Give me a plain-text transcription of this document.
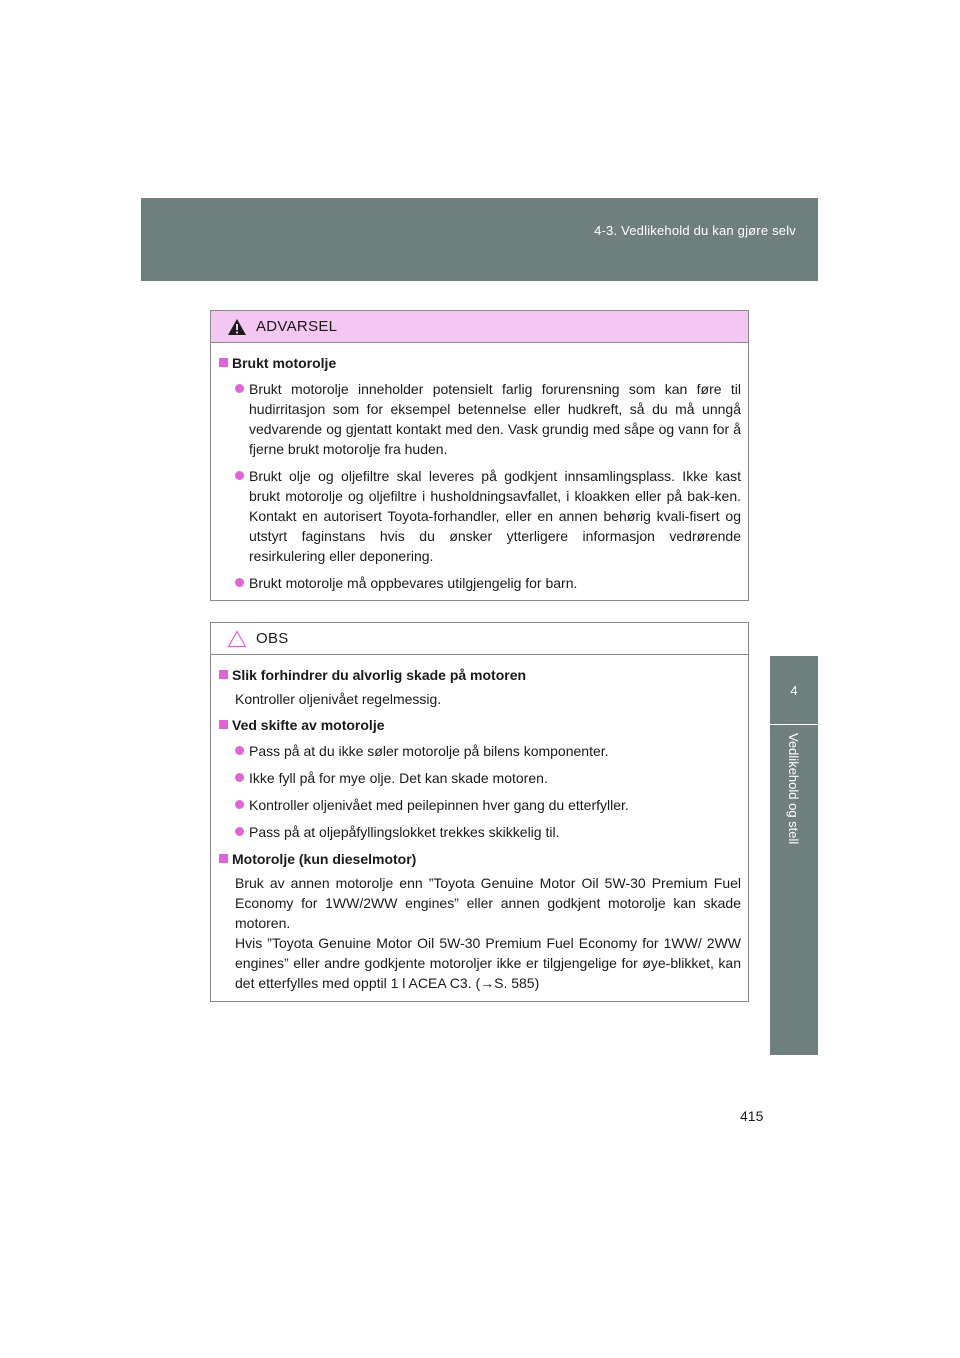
4-3. Vedlikehold du kan gjøre selv
4
Vedlikehold og stell
ADVARSEL
Brukt motorolje
Brukt motorolje inneholder potensielt farlig forurensning som kan føre til hudirritasjon som for eksempel betennelse eller hudkreft, så du må unngå vedvarende og gjentatt kontakt med den. Vask grundig med såpe og vann for å fjerne brukt motorolje fra huden.
Brukt olje og oljefiltre skal leveres på godkjent innsamlingsplass. Ikke kast brukt motorolje og oljefiltre i husholdningsavfallet, i kloakken eller på bak-ken. Kontakt en autorisert Toyota-forhandler, eller en annen behørig kvali-fisert og utstyrt faginstans hvis du ønsker ytterligere informasjon vedrørende resirkulering eller deponering.
Brukt motorolje må oppbevares utilgjengelig for barn.
OBS
Slik forhindrer du alvorlig skade på motoren
Kontroller oljenivået regelmessig.
Ved skifte av motorolje
Pass på at du ikke søler motorolje på bilens komponenter.
Ikke fyll på for mye olje. Det kan skade motoren.
Kontroller oljenivået med peilepinnen hver gang du etterfyller.
Pass på at oljepåfyllingslokket trekkes skikkelig til.
Motorolje (kun dieselmotor)
Bruk av annen motorolje enn ”Toyota Genuine Motor Oil 5W-30 Premium Fuel Economy for 1WW/2WW engines” eller annen godkjent motorolje kan skade motoren.
Hvis ”Toyota Genuine Motor Oil 5W-30 Premium Fuel Economy for 1WW/ 2WW engines” eller andre godkjente motoroljer ikke er tilgjengelige for øye-blikket, kan det etterfylles med opptil 1 l ACEA C3. (→S. 585)
415
